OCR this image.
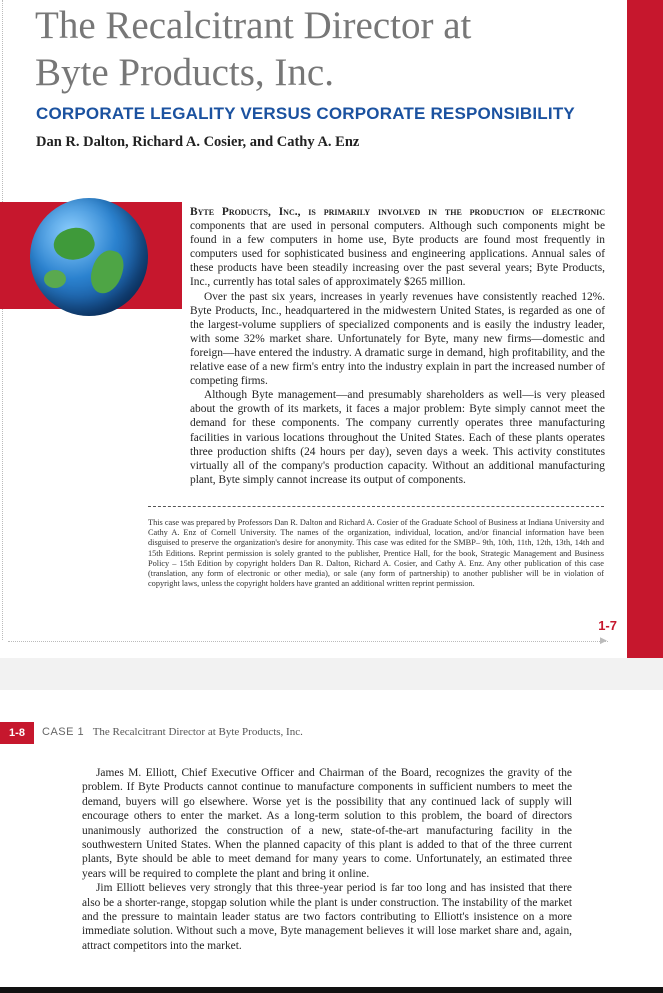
The Recalcitrant Director at
Byte Products, Inc.
CORPORATE LEGALITY VERSUS CORPORATE RESPONSIBILITY
Dan R. Dalton, Richard A. Cosier, and Cathy A. Enz

Byte Products, Inc., is primarily involved in the production of electronic components that are used in personal computers. Although such components might be found in a few computers in home use, Byte products are found most frequently in computers used for sophisticated business and engineering applications. Annual sales of these products have been steadily increasing over the past several years; Byte Products, Inc., currently has total sales of approximately $265 million.

Over the past six years, increases in yearly revenues have consistently reached 12%. Byte Products, Inc., headquartered in the midwestern United States, is regarded as one of the largest-volume suppliers of specialized components and is easily the industry leader, with some 32% market share. Unfortunately for Byte, many new firms—domestic and foreign—have entered the industry. A dramatic surge in demand, high profitability, and the relative ease of a new firm's entry into the industry explain in part the increased number of competing firms.

Although Byte management—and presumably shareholders as well—is very pleased about the growth of its markets, it faces a major problem: Byte simply cannot meet the demand for these components. The company currently operates three manufacturing facilities in various locations throughout the United States. Each of these plants operates three production shifts (24 hours per day), seven days a week. This activity constitutes virtually all of the company's production capacity. Without an additional manufacturing plant, Byte simply cannot increase its output of components.

This case was prepared by Professors Dan R. Dalton and Richard A. Cosier of the Graduate School of Business at Indiana University and Cathy A. Enz of Cornell University. The names of the organization, individual, location, and/or financial information have been disguised to preserve the organization's desire for anonymity. This case was edited for the SMBP– 9th, 10th, 11th, 12th, 13th, 14th and 15th Editions. Reprint permission is solely granted to the publisher, Prentice Hall, for the book, Strategic Management and Business Policy – 15th Edition by copyright holders Dan R. Dalton, Richard A. Cosier, and Cathy A. Enz. Any other publication of this case (translation, any form of electronic or other media), or sale (any form of partnership) to another publisher will be in violation of copyright laws, unless the copyright holders have granted an additional written reprint permission.
1-7
▶
1-8	CASE 1 The Recalcitrant Director at Byte Products, Inc.

James M. Elliott, Chief Executive Officer and Chairman of the Board, recognizes the gravity of the problem. If Byte Products cannot continue to manufacture components in sufficient numbers to meet the demand, buyers will go elsewhere. Worse yet is the possibility that any continued lack of supply will encourage others to enter the market. As a long-term solution to this problem, the board of directors unanimously authorized the construction of a new, state-of-the-art manufacturing facility in the southwestern United States. When the planned capacity of this plant is added to that of the three current plants, Byte should be able to meet demand for many years to come. Unfortunately, an estimated three years will be required to complete the plant and bring it online.

Jim Elliott believes very strongly that this three-year period is far too long and has insisted that there also be a shorter-range, stopgap solution while the plant is under construction. The instability of the market and the pressure to maintain leader status are two factors contributing to Elliott's insistence on a more immediate solution. Without such a move, Byte management believes it will lose market share and, again, attract competitors into the market.
